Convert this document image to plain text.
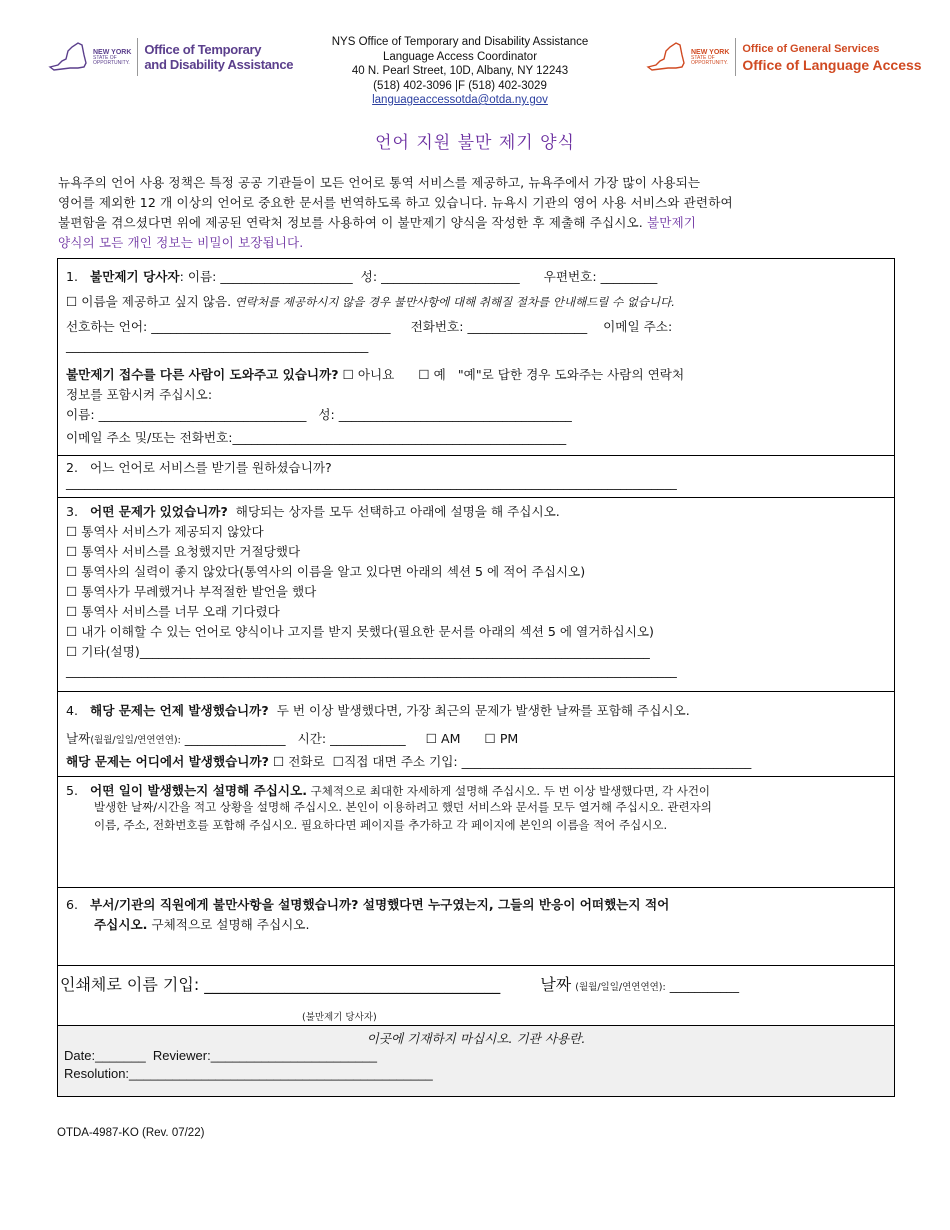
NEW YORK
STATE OF
OPPORTUNITY.
Office of Temporary
and Disability Assistance
NYS Office of Temporary and Disability Assistance
Language Access Coordinator
40 N. Pearl Street, 10D, Albany, NY 12243
(518) 402-3096 |F (518) 402-3029
languageaccessotda@otda.ny.gov
NEW YORK
STATE OF
OPPORTUNITY.
Office of General Services
Office of Language Access
언어 지원 불만 제기 양식
뉴욕주의 언어 사용 정책은 특정 공공 기관들이 모든 언어로 통역 서비스를 제공하고, 뉴욕주에서 가장 많이 사용되는
영어를 제외한 12 개 이상의 언어로 중요한 문서를 번역하도록 하고 있습니다. 뉴욕시 기관의 영어 사용 서비스와 관련하여
불편함을 겪으셨다면 위에 제공된 연락처 정보를 사용하여 이 불만제기 양식을 작성한 후 제출해 주십시오. 불만제기
양식의 모든 개인 정보는 비밀이 보장됩니다.
1. 불만제기 당사자: 이름: _____________________ 성: ______________________ 우편번호: _________
☐ 이름을 제공하고 싶지 않음. 연락처를 제공하시지 않을 경우 불만사항에 대해 취해질 절차를 안내해드릴 수 없습니다.
선호하는 언어: ______________________________________ 전화번호: ___________________ 이메일 주소:
________________________________________________
불만제기 접수를 다른 사람이 도와주고 있습니까? ☐ 아니요 ☐ 예 "예"로 답한 경우 도와주는 사람의 연락처
정보를 포함시켜 주십시오:
이름: _________________________________ 성: _____________________________________
이메일 주소 및/또는 전화번호:_____________________________________________________
2. 어느 언어로 서비스를 받기를 원하셨습니까?
_________________________________________________________________________________________________
3. 어떤 문제가 있었습니까? 해당되는 상자를 모두 선택하고 아래에 설명을 해 주십시오.
☐ 통역사 서비스가 제공되지 않았다
☐ 통역사 서비스를 요청했지만 거절당했다
☐ 통역사의 실력이 좋지 않았다(통역사의 이름을 알고 있다면 아래의 섹션 5 에 적어 주십시오)
☐ 통역사가 무례했거나 부적절한 발언을 했다
☐ 통역사 서비스를 너무 오래 기다렸다
☐ 내가 이해할 수 있는 언어로 양식이나 고지를 받지 못했다(필요한 문서를 아래의 섹션 5 에 열거하십시오)
☐ 기타(설명)_________________________________________________________________________________
_________________________________________________________________________________________________
4. 해당 문제는 언제 발생했습니까? 두 번 이상 발생했다면, 가장 최근의 문제가 발생한 날짜를 포함해 주십시오.
날짜(월월/일일/연연연연): ________________ 시간: ____________ ☐ AM ☐ PM
해당 문제는 어디에서 발생했습니까? ☐ 전화로 ☐직접 대면 주소 기입: ______________________________________________
5. 어떤 일이 발생했는지 설명해 주십시오. 구체적으로 최대한 자세하게 설명해 주십시오. 두 번 이상 발생했다면, 각 사건이
발생한 날짜/시간을 적고 상황을 설명해 주십시오. 본인이 이용하려고 했던 서비스와 문서를 모두 열거해 주십시오. 관련자의
이름, 주소, 전화번호를 포함해 주십시오. 필요하다면 페이지를 추가하고 각 페이지에 본인의 이름을 적어 주십시오.
6. 부서/기관의 직원에게 불만사항을 설명했습니까? 설명했다면 누구였는지, 그들의 반응이 어떠했는지 적어
주십시오. 구체적으로 설명해 주십시오.
인쇄체로 이름 기입: _____________________________________	날짜 (월월/일일/연연연연): ___________
(불만제기 당사자)
이곳에 기재하지 마십시오. 기관 사용란.
Date:_______ Reviewer:_______________________
Resolution:__________________________________________
OTDA-4987-KO (Rev. 07/22)
